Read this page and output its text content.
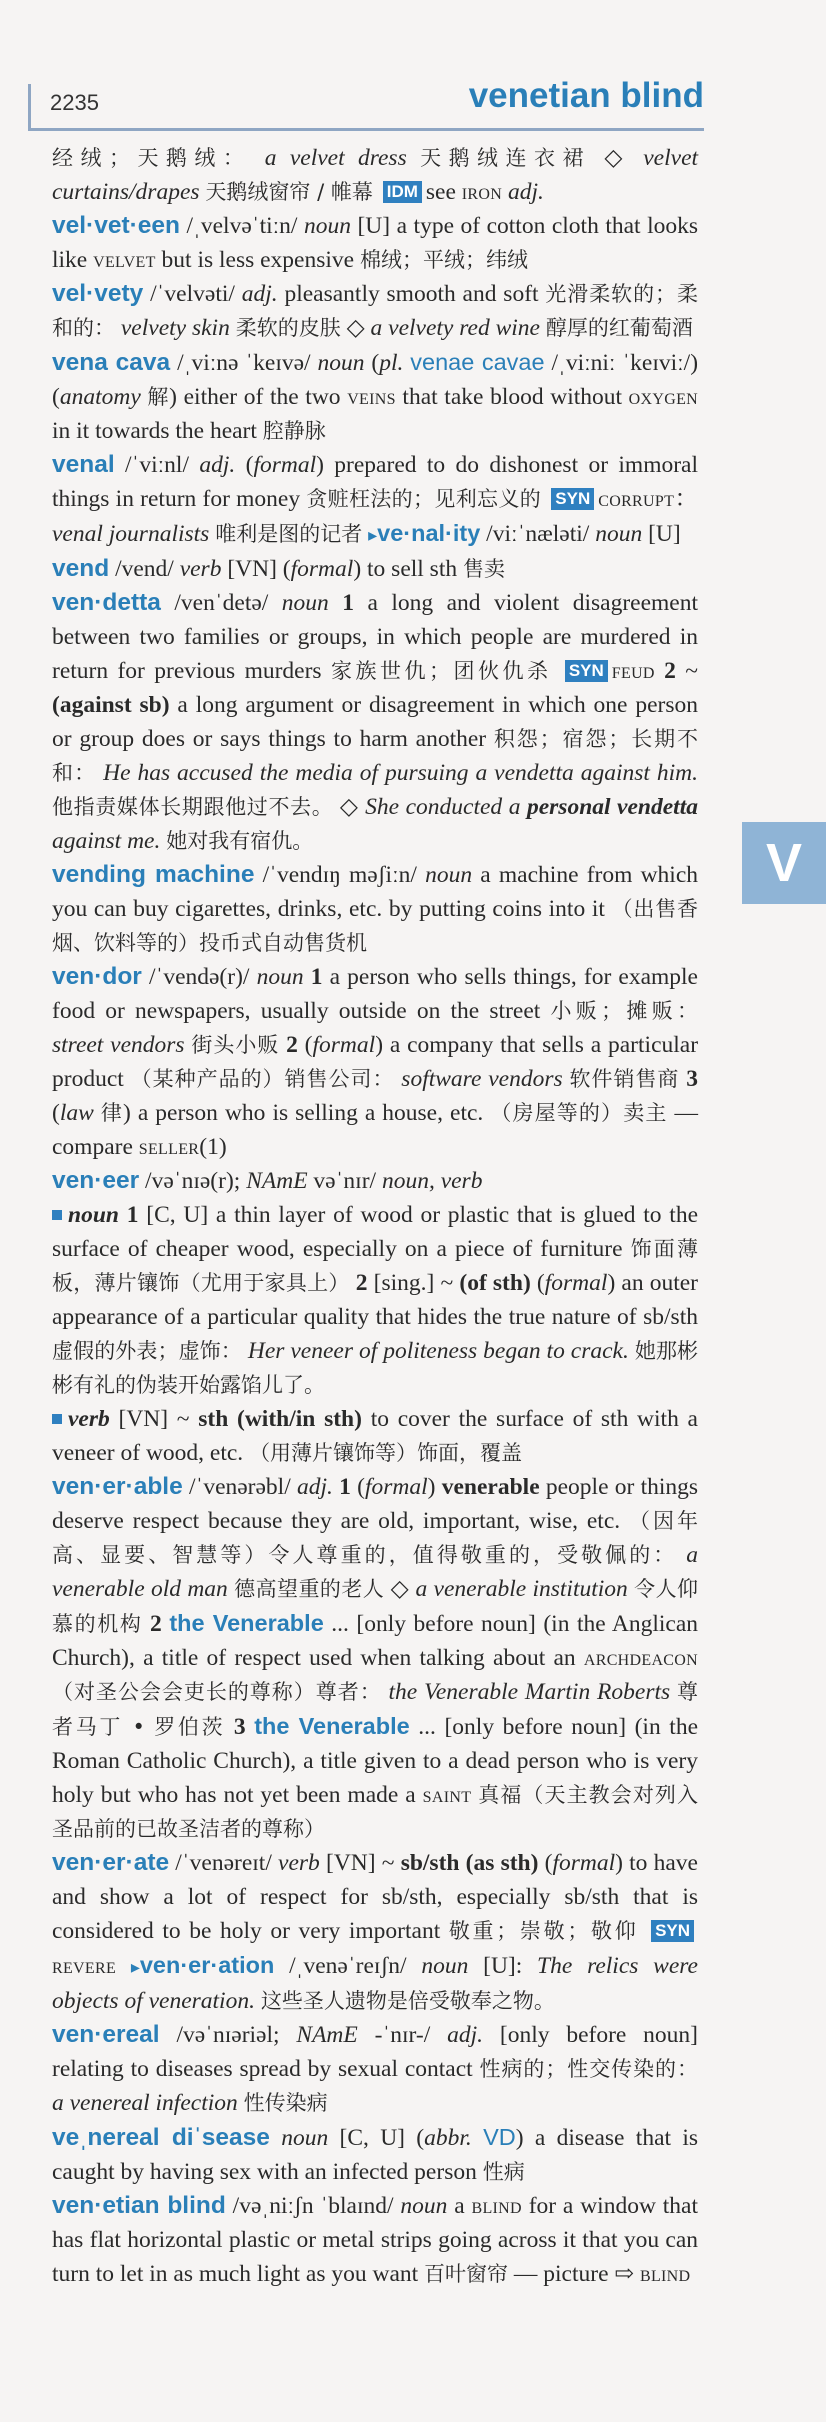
2235	venetian blind
V

经绒；天鹅绒： a velvet dress 天鹅绒连衣裙 ◇ velvet curtains/drapes 天鹅绒窗帘 / 帷幕 IDM see iron adj.

vel·vet·een /ˌvelvəˈtiːn/ noun [U] a type of cotton cloth that looks like velvet but is less expensive 棉绒；平绒；纬绒

vel·vety /ˈvelvəti/ adj. pleasantly smooth and soft 光滑柔软的；柔和的： velvety skin 柔软的皮肤 ◇ a velvety red wine 醇厚的红葡萄酒

vena cava /ˌviːnə ˈkeɪvə/ noun (pl. venae cavae /ˌviːniː ˈkeɪviː/) (anatomy 解) either of the two veins that take blood without oxygen in it towards the heart 腔静脉

venal /ˈviːnl/ adj. (formal) prepared to do dishonest or immoral things in return for money 贪赃枉法的；见利忘义的 SYN corrupt： venal journalists 唯利是图的记者 ▸ve·nal·ity /viːˈnæləti/ noun [U]

vend /vend/ verb [VN] (formal) to sell sth 售卖

ven·detta /venˈdetə/ noun 1 a long and violent disagreement between two families or groups, in which people are murdered in return for previous murders 家族世仇；团伙仇杀 SYN feud 2 ~ (against sb) a long argument or disagreement in which one person or group does or says things to harm another 积怨；宿怨；长期不和： He has accused the media of pursuing a vendetta against him. 他指责媒体长期跟他过不去。 ◇ She conducted a personal vendetta against me. 她对我有宿仇。

vending machine /ˈvendɪŋ məʃiːn/ noun a machine from which you can buy cigarettes, drinks, etc. by putting coins into it （出售香烟、饮料等的）投币式自动售货机

ven·dor /ˈvendə(r)/ noun 1 a person who sells things, for example food or newspapers, usually outside on the street 小贩；摊贩： street vendors 街头小贩 2 (formal) a company that sells a particular product （某种产品的）销售公司： software vendors 软件销售商 3 (law 律) a person who is selling a house, etc. （房屋等的）卖主 — compare seller(1)

ven·eer /vəˈnɪə(r); NAmE vəˈnɪr/ noun, verb

noun 1 [C, U] a thin layer of wood or plastic that is glued to the surface of cheaper wood, especially on a piece of furniture 饰面薄板，薄片镶饰（尤用于家具上） 2 [sing.] ~ (of sth) (formal) an outer appearance of a particular quality that hides the true nature of sb/sth 虚假的外表；虚饰： Her veneer of politeness began to crack. 她那彬彬有礼的伪装开始露馅儿了。

verb [VN] ~ sth (with/in sth) to cover the surface of sth with a veneer of wood, etc. （用薄片镶饰等）饰面，覆盖

ven·er·able /ˈvenərəbl/ adj. 1 (formal) venerable people or things deserve respect because they are old, important, wise, etc. （因年高、显要、智慧等）令人尊重的，值得敬重的，受敬佩的： a venerable old man 德高望重的老人 ◇ a venerable institution 令人仰慕的机构 2 the Venerable ... [only before noun] (in the Anglican Church), a title of respect used when talking about an archdeacon （对圣公会会吏长的尊称）尊者： the Venerable Martin Roberts 尊者马丁 • 罗伯茨 3 the Venerable ... [only before noun] (in the Roman Catholic Church), a title given to a dead person who is very holy but who has not yet been made a saint 真福（天主教会对列入圣品前的已故圣洁者的尊称）

ven·er·ate /ˈvenəreɪt/ verb [VN] ~ sb/sth (as sth) (formal) to have and show a lot of respect for sb/sth, especially sb/sth that is considered to be holy or very important 敬重；崇敬；敬仰 SYNrevere ▸ven·er·ation /ˌvenəˈreɪʃn/ noun [U]: The relics were objects of veneration. 这些圣人遗物是倍受敬奉之物。

ven·ereal /vəˈnɪəriəl; NAmE -ˈnɪr-/ adj. [only before noun] relating to diseases spread by sexual contact 性病的；性交传染的： a venereal infection 性传染病

veˌnereal diˈsease noun [C, U] (abbr. VD) a disease that is caught by having sex with an infected person 性病

ven·etian blind /vəˌniːʃn ˈblaɪnd/ noun a blind for a window that has flat horizontal plastic or metal strips going across it that you can turn to let in as much light as you want 百叶窗帘 — picture ⇨ blind
